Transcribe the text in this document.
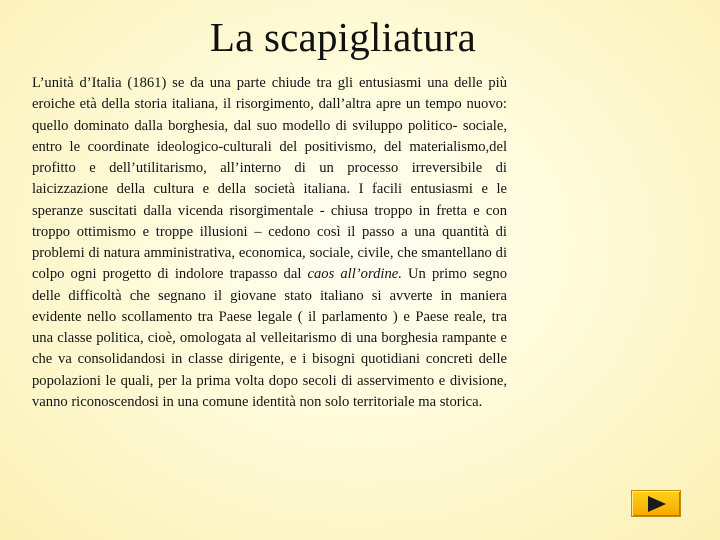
La scapigliatura
L’unità d’Italia (1861) se da una parte chiude tra gli entusiasmi una delle più eroiche età della storia italiana, il risorgimento, dall’altra apre un tempo nuovo: quello dominato dalla borghesia, dal suo modello di sviluppo politico- sociale, entro le coordinate ideologico-culturali del positivismo, del materialismo,del profitto e dell’utilitarismo, all’interno di un processo irreversibile di laicizzazione della cultura e della società italiana. I facili entusiasmi e le speranze suscitati dalla vicenda risorgimentale - chiusa troppo in fretta e con troppo ottimismo e troppe illusioni – cedono così il passo a una quantità di problemi di natura amministrativa, economica, sociale, civile, che smantellano di colpo ogni progetto di indolore trapasso dal caos all’ordine. Un primo segno delle difficoltà che segnano il giovane stato italiano si avverte in maniera evidente nello scollamento tra Paese legale ( il parlamento ) e Paese reale, tra una classe politica, cioè, omologata al velleitarismo di una borghesia rampante e che va consolidandosi in classe dirigente, e i bisogni quotidiani concreti delle popolazioni le quali, per la prima volta dopo secoli di asservimento e divisione, vanno riconoscendosi in una comune identità non solo territoriale ma storica.
